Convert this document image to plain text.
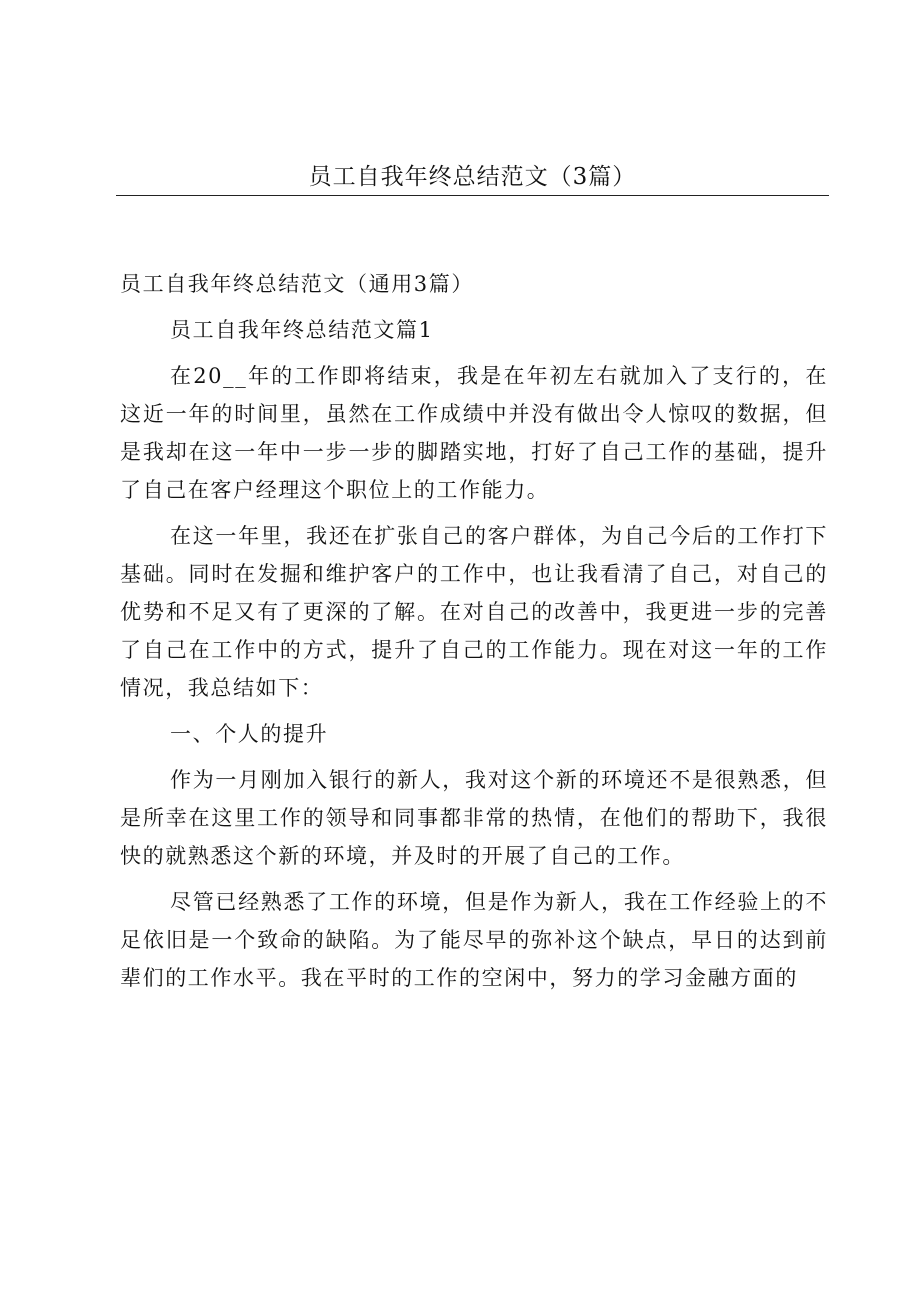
员工自我年终总结范文（3篇）

员工自我年终总结范文（通用3篇）

员工自我年终总结范文篇1

在20__年的工作即将结束，我是在年初左右就加入了支行的，在这近一年的时间里，虽然在工作成绩中并没有做出令人惊叹的数据，但是我却在这一年中一步一步的脚踏实地，打好了自己工作的基础，提升了自己在客户经理这个职位上的工作能力。

在这一年里，我还在扩张自己的客户群体，为自己今后的工作打下基础。同时在发掘和维护客户的工作中，也让我看清了自己，对自己的优势和不足又有了更深的了解。在对自己的改善中，我更进一步的完善了自己在工作中的方式，提升了自己的工作能力。现在对这一年的工作情况，我总结如下：

一、个人的提升

作为一月刚加入银行的新人，我对这个新的环境还不是很熟悉，但是所幸在这里工作的领导和同事都非常的热情，在他们的帮助下，我很快的就熟悉这个新的环境，并及时的开展了自己的工作。

尽管已经熟悉了工作的环境，但是作为新人，我在工作经验上的不足依旧是一个致命的缺陷。为了能尽早的弥补这个缺点，早日的达到前辈们的工作水平。我在平时的工作的空闲中，努力的学习金融方面的
